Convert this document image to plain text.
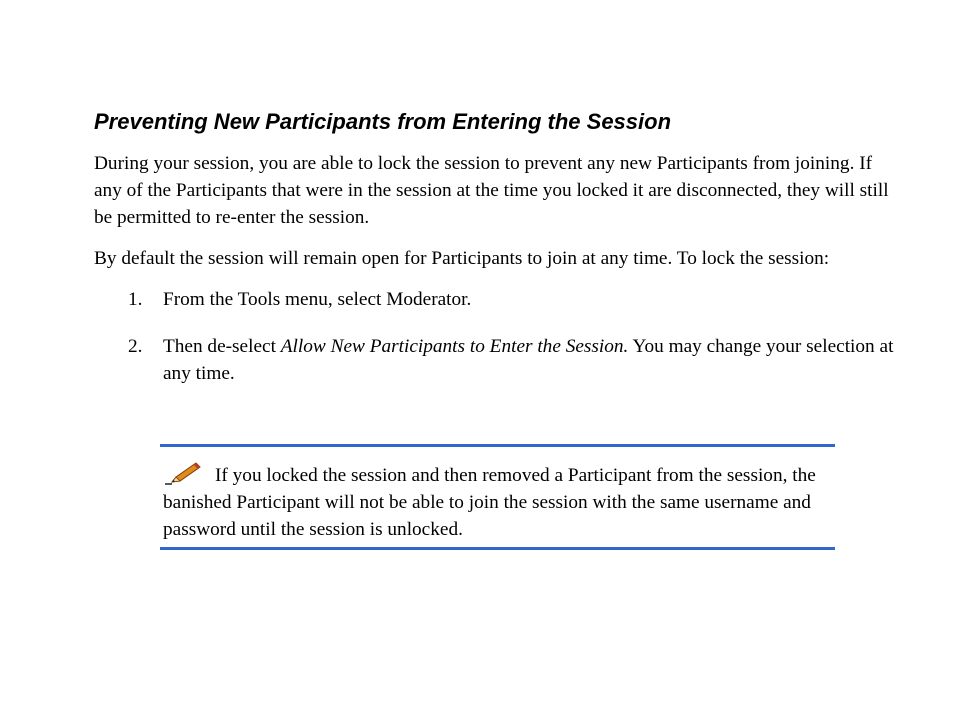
Preventing New Participants from Entering the Session

During your session, you are able to lock the session to prevent any new Participants from joining. If any of the Participants that were in the session at the time you locked it are disconnected, they will still be permitted to re-enter the session.

By default the session will remain open for Participants to join at any time. To lock the session:

1. From the Tools menu, select Moderator.
2. Then de-select Allow New Participants to Enter the Session. You may change your selection at any time.
If you locked the session and then removed a Participant from the session, the banished Participant will not be able to join the session with the same username and password until the session is unlocked.
